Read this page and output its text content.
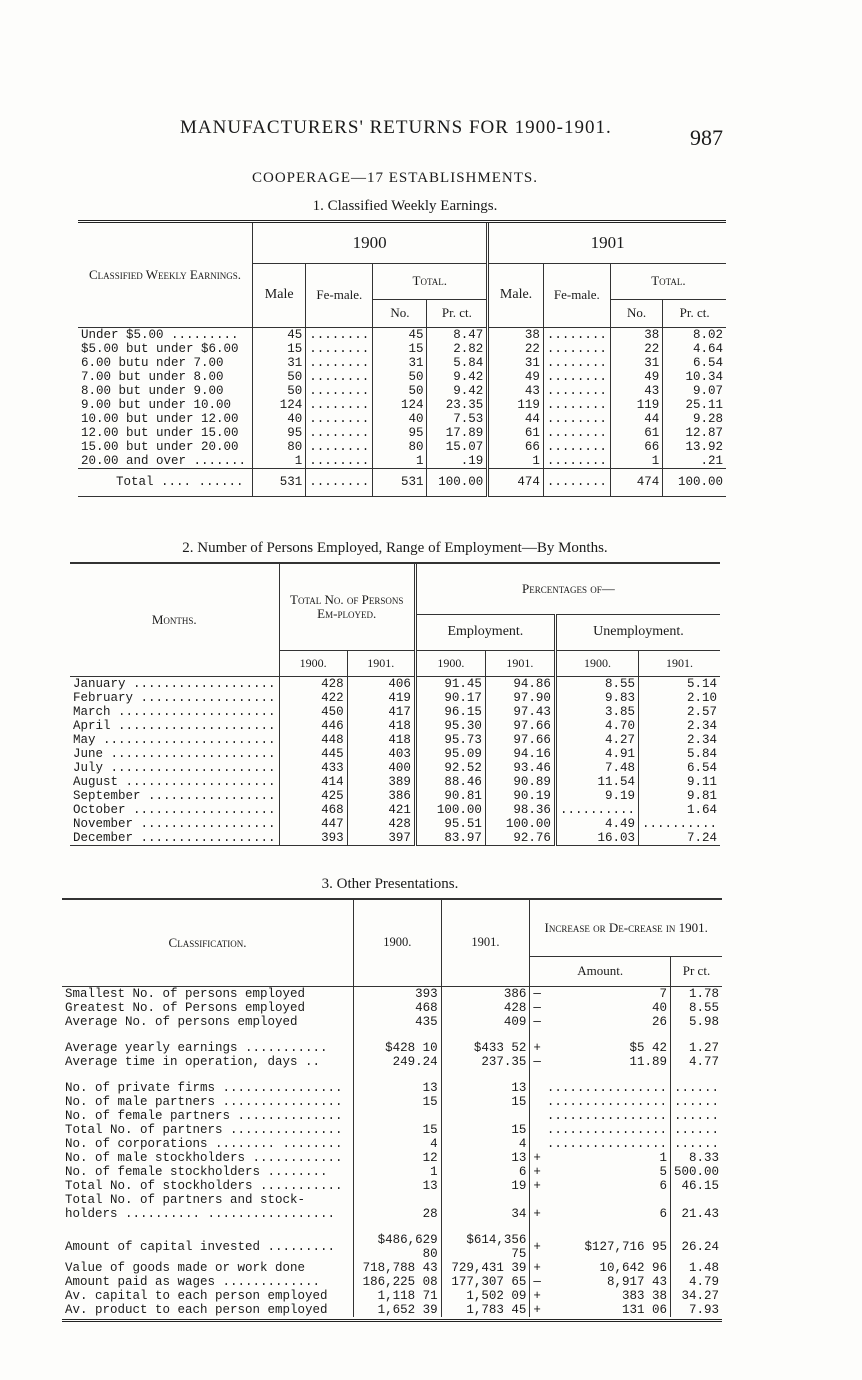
MANUFACTURERS' RETURNS FOR 1900-1901.	987
COOPERAGE—17 ESTABLISHMENTS.
1. Classified Weekly Earnings.
Classified Weekly Earnings.	1900				1901			
	Male	Fe-male.	Total.		Male.	Fe-male.	Total.	
			No.	Pr. ct.			No.	Pr. ct.
Under $5.00 .........	45	........	45	8.47	38	........	38	8.02
$5.00 but under $6.00	15	........	15	2.82	22	........	22	4.64
6.00 butu nder 7.00	31	........	31	5.84	31	........	31	6.54
7.00 but under 8.00	50	........	50	9.42	49	........	49	10.34
8.00 but under 9.00	50	........	50	9.42	43	........	43	9.07
9.00 but under 10.00	124	........	124	23.35	119	........	119	25.11
10.00 but under 12.00	40	........	40	7.53	44	........	44	9.28
12.00 but under 15.00	95	........	95	17.89	61	........	61	12.87
15.00 but under 20.00	80	........	80	15.07	66	........	66	13.92
20.00 and over .......	1	........	1	.19	1	........	1	.21
Total .... ......	531	........	531	100.00	474	........	474	100.00
2. Number of Persons Employed, Range of Employment—By Months.
Months.	Total No. of Persons Em-ployed.		Percentages of—			
			Employment.		Unemployment.	
	1900.	1901.	1900.	1901.	1900.	1901.
January ...................	428	406	91.45	94.86	8.55	5.14
February ..................	422	419	90.17	97.90	9.83	2.10
March .....................	450	417	96.15	97.43	3.85	2.57
April .....................	446	418	95.30	97.66	4.70	2.34
May .......................	448	418	95.73	97.66	4.27	2.34
June ......................	445	403	95.09	94.16	4.91	5.84
July ......................	433	400	92.52	93.46	7.48	6.54
August ....................	414	389	88.46	90.89	11.54	9.11
September .................	425	386	90.81	90.19	9.19	9.81
October ...................	468	421	100.00	98.36	..........	1.64
November ..................	447	428	95.51	100.00	4.49	..........
December ..................	393	397	83.97	92.76	16.03	7.24
3. Other Presentations.
Classification.	1900.	1901.	Increase or De-crease in 1901.		
			Amount.		Pr ct.
Smallest No. of persons employed	393	386	—	7	1.78
Greatest No. of Persons employed	468	428	—	40	8.55
Average No. of persons employed	435	409	—	26	5.98

Average yearly earnings ...........	$428 10	$433 52	+	$5 42	1.27
Average time in operation, days ..	249.24	237.35	—	11.89	4.77

No. of private firms ................	13	13		................	......
No. of male partners ................	15	15		................	......
No. of female partners ..............				................	......
Total No. of partners ...............	15	15		................	......
No. of corporations ........ ........	4	4		................	......
No. of male stockholders ............	12	13	+	1	8.33
No. of female stockholders ........	1	6	+	5	500.00
Total No. of stockholders ...........	13	19	+	6	46.15
Total No. of partners and stock-					
holders .......... .................	28	34	+	6	21.43

Amount of capital invested .........	$486,629 80	$614,356 75	+	$127,716 95	26.24
Value of goods made or work done	718,788 43	729,431 39	+	10,642 96	1.48
Amount paid as wages .............	186,225 08	177,307 65	—	8,917 43	4.79
Av. capital to each person employed	1,118 71	1,502 09	+	383 38	34.27
Av. product to each person employed	1,652 39	1,783 45	+	131 06	7.93
